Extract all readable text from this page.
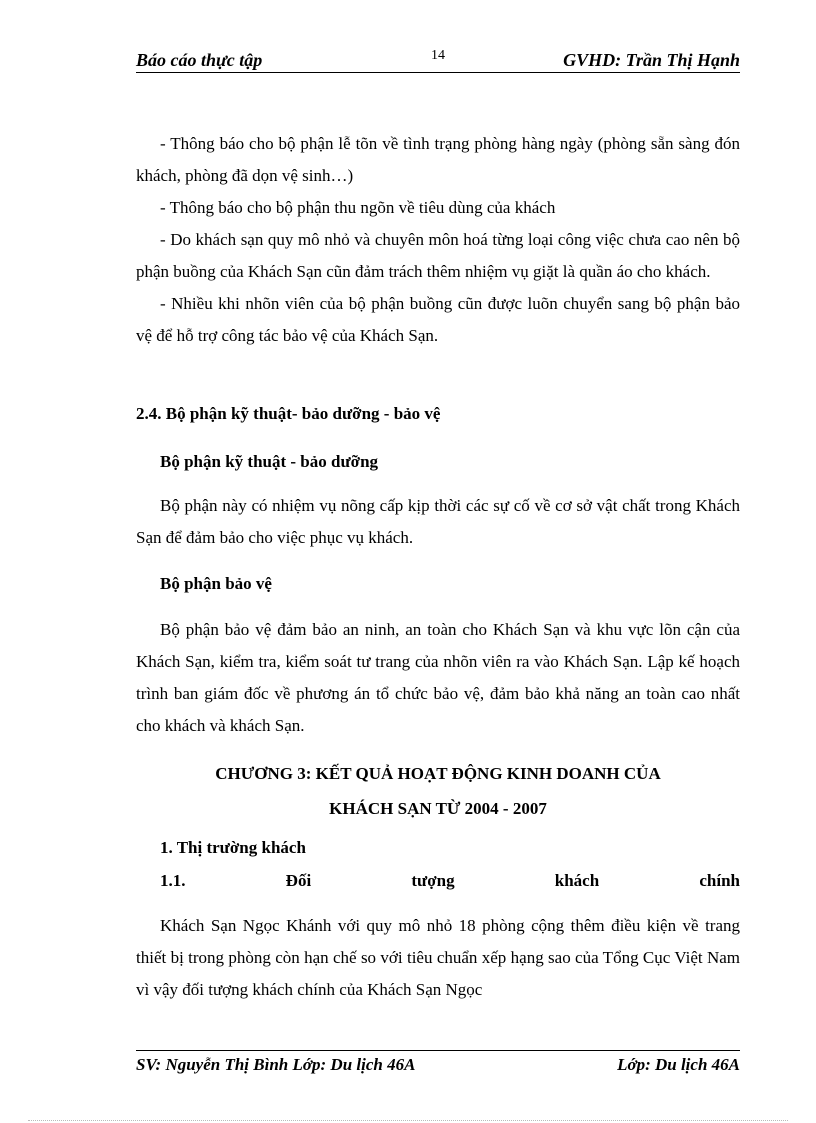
Báo cáo thực tập	14	GVHD: Trần Thị Hạnh

- Thông báo cho bộ phận lễ tõn về tình trạng phòng hàng ngày (phòng sẵn sàng đón khách, phòng đã dọn vệ sinh…)

- Thông báo cho bộ phận thu ngõn về tiêu dùng của khách

- Do khách sạn quy mô nhỏ và chuyên môn hoá từng loại công việc chưa cao nên bộ phận buồng của Khách Sạn cũn đảm trách thêm nhiệm vụ giặt là quần áo cho khách.

- Nhiều khi nhõn viên của bộ phận buồng cũn được luõn chuyển sang bộ phận bảo vệ để hỗ trợ công tác bảo vệ của Khách Sạn.

2.4. Bộ phận kỹ thuật- bảo dưỡng - bảo vệ
Bộ phận kỹ thuật - bảo dưỡng

Bộ phận này có nhiệm vụ nõng cấp kịp thời các sự cố về cơ sở vật chất trong Khách Sạn để đảm bảo cho việc phục vụ khách.

Bộ phận bảo vệ

Bộ phận bảo vệ đảm bảo an ninh, an toàn cho Khách Sạn và khu vực lõn cận của Khách Sạn, kiểm tra, kiểm soát tư trang của nhõn viên ra vào Khách Sạn. Lập kế hoạch trình ban giám đốc về phương án tổ chức bảo vệ, đảm bảo khả năng an toàn cao nhất cho khách và khách Sạn.

CHƯƠNG 3: KẾT QUẢ HOẠT ĐỘNG KINH DOANH CỦA
KHÁCH SẠN TỪ 2004 - 2007
1. Thị trường khách
1.1.	Đối	tượng	khách	chính

Khách Sạn Ngọc Khánh với quy mô nhỏ 18 phòng cộng thêm điều kiện về trang thiết bị trong phòng còn hạn chế so với tiêu chuẩn xếp hạng sao của Tổng Cục Việt Nam vì vậy đối tượng khách chính của Khách Sạn Ngọc

SV: Nguyễn Thị Bình Lớp: Du lịch 46A	Lớp: Du lịch 46A
